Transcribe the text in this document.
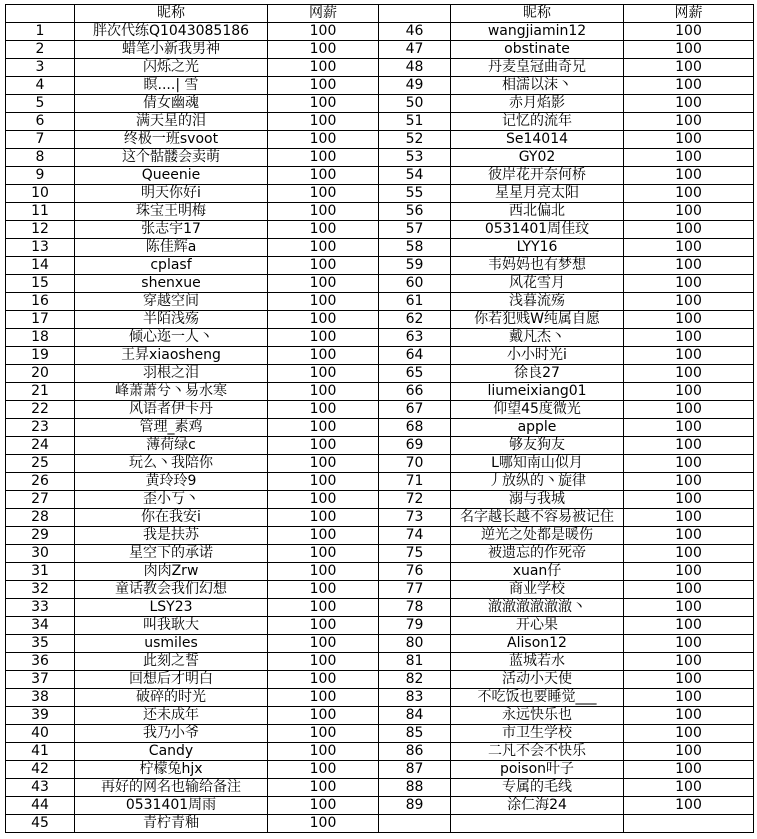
	昵称	网薪		昵称	网薪
1	胖次代练Q1043085186	100	46	wangjiamin12	100
2	蜡笔小新我男神	100	47	obstinate	100
3	闪烁之光	100	48	丹麦皇冠曲奇兄	100
4	瞑....| 雪	100	49	相濡以沫丶	100
5	倩女幽魂	100	50	赤月焰影	100
6	满天星的泪	100	51	记忆的流年	100
7	终极一班svoot	100	52	Se14014	100
8	这个骷髅会卖萌	100	53	GY02	100
9	Queenie	100	54	彼岸花开奈何桥	100
10	明天你好i	100	55	星星月亮太阳	100
11	珠宝王明梅	100	56	西北偏北	100
12	张志宇17	100	57	0531401周佳玟	100
13	陈佳辉a	100	58	LYY16	100
14	cplasf	100	59	韦妈妈也有梦想	100
15	shenxue	100	60	风花雪月	100
16	穿越空间	100	61	浅暮流殇	100
17	半陌浅殇	100	62	你若犯贱W纯属自愿	100
18	倾心迩一人丶	100	63	戴凡杰丶	100
19	王昇xiaosheng	100	64	小小时光i	100
20	羽根之泪	100	65	徐良27	100
21	峰萧萧兮丶易水寒	100	66	liumeixiang01	100
22	风语者伊卡丹	100	67	仰望45度微光	100
23	管理_素鸡	100	68	apple	100
24	薄荷绿c	100	69	够友狗友	100
25	玩么丶我陪你	100	70	L哪知南山似月	100
26	黄玲玲9	100	71	丿放纵的丶旋律	100
27	歪小丂丶	100	72	溺与我城	100
28	你在我安i	100	73	名字越长越不容易被记住	100
29	我是扶苏	100	74	逆光之处都是暖伤	100
30	星空下的承诺	100	75	被遗忘的作死帝	100
31	肉肉Zrw	100	76	xuan仔	100
32	童话教会我们幻想	100	77	商业学校	100
33	LSY23	100	78	澈澈澈澈澈澈丶	100
34	叫我耿大	100	79	开心果	100
35	usmiles	100	80	Alison12	100
36	此刻之誓	100	81	蓝城若水	100
37	回想后才明白	100	82	活动小天使	100
38	破碎的时光	100	83	不吃饭也要睡觉___	100
39	还未成年	100	84	永远快乐也	100
40	我乃小爷	100	85	市卫生学校	100
41	Candy	100	86	二凡不会不快乐	100
42	柠檬兔hjx	100	87	poison叶子	100
43	再好的网名也输给备注	100	88	专属的毛线	100
44	0531401周雨	100	89	涂仁海24	100
45	青柠青釉	100			
